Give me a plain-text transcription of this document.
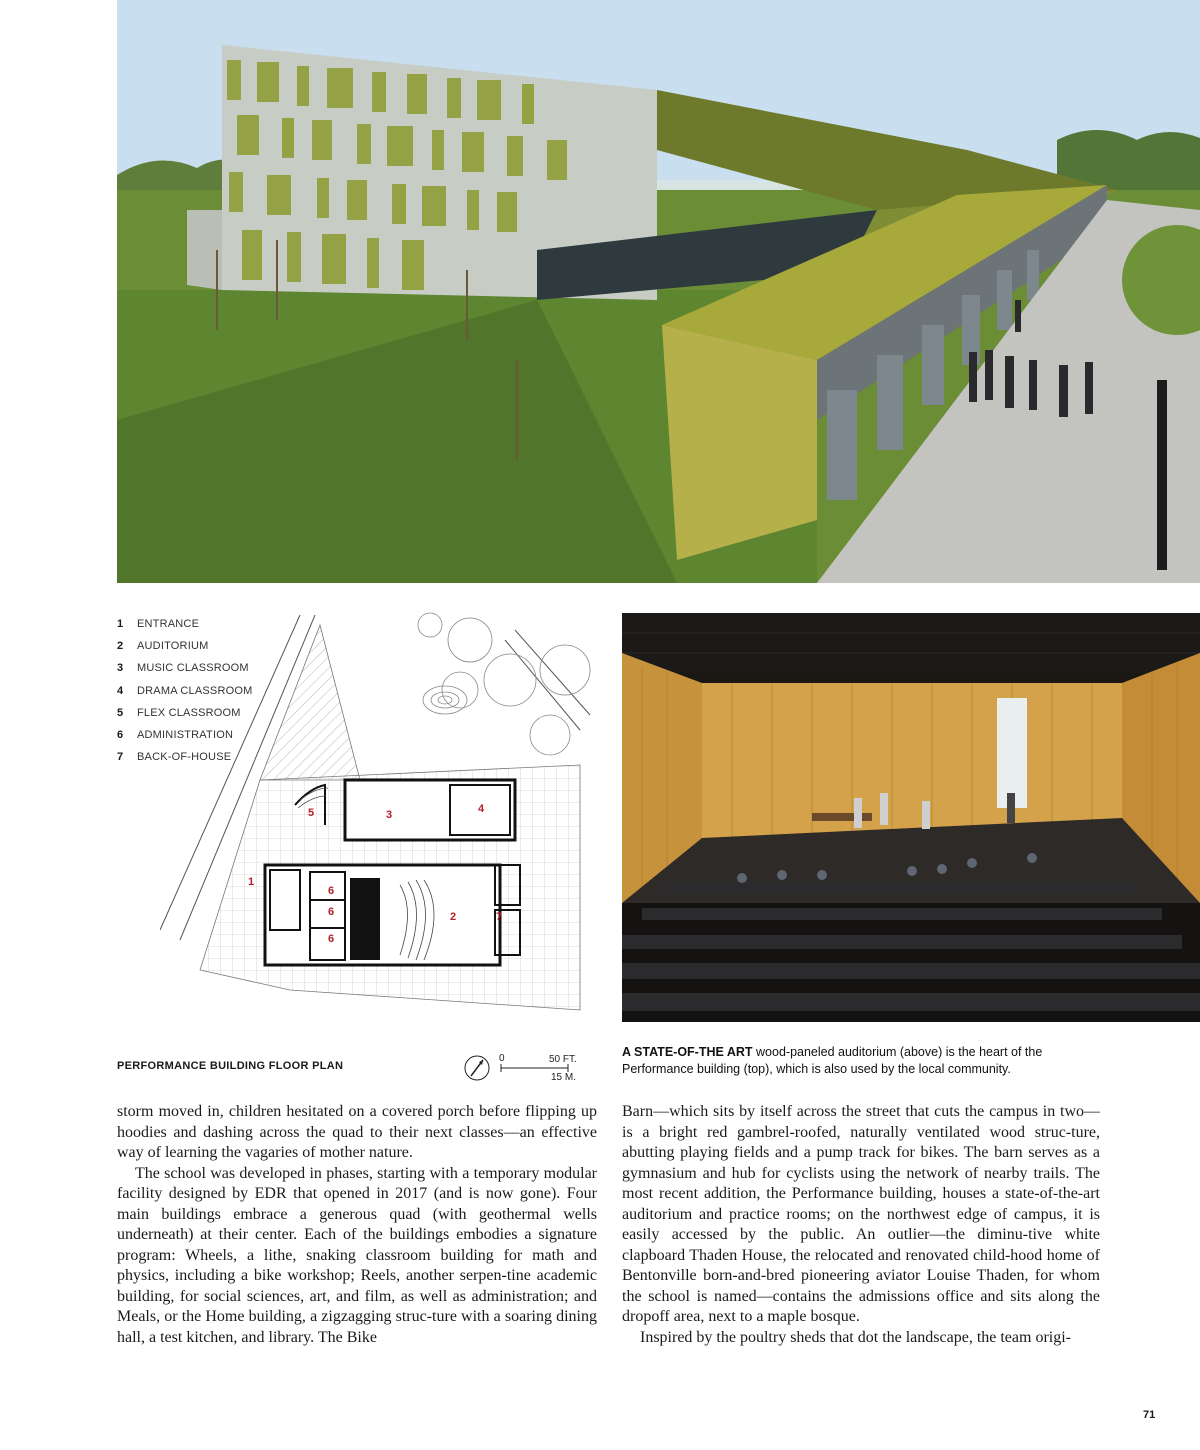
1	ENTRANCE
2	AUDITORIUM
3	MUSIC CLASSROOM
4	DRAMA CLASSROOM
5	FLEX CLASSROOM
6	ADMINISTRATION
7	BACK-OF-HOUSE
1
2
3	4
5
6
6
6
7
PERFORMANCE BUILDING FLOOR PLAN
0	50 FT.
15 M.
A STATE-OF-THE ART wood-paneled auditorium (above) is the heart of the Performance building (top), which is also used by the local community.

storm moved in, children hesitated on a covered porch before flipping up hoodies and dashing across the quad to their next classes—an effective way of learning the vagaries of mother nature.

The school was developed in phases, starting with a temporary modular facility designed by EDR that opened in 2017 (and is now gone). Four main buildings embrace a generous quad (with geothermal wells underneath) at their center. Each of the buildings embodies a signature program: Wheels, a lithe, snaking classroom building for math and physics, including a bike workshop; Reels, another serpen-tine academic building, for social sciences, art, and film, as well as administration; and Meals, or the Home building, a zigzagging struc-ture with a soaring dining hall, a test kitchen, and library. The Bike

Barn—which sits by itself across the street that cuts the campus in two—is a bright red gambrel-roofed, naturally ventilated wood struc-ture, abutting playing fields and a pump track for bikes. The barn serves as a gymnasium and hub for cyclists using the network of nearby trails. The most recent addition, the Performance building, houses a state-of-the-art auditorium and practice rooms; on the northwest edge of campus, it is easily accessed by the public. An outlier—the diminu-tive white clapboard Thaden House, the relocated and renovated child-hood home of Bentonville born-and-bred pioneering aviator Louise Thaden, for whom the school is named—contains the admissions office and sits along the dropoff area, next to a maple bosque.

Inspired by the poultry sheds that dot the landscape, the team origi-

71
